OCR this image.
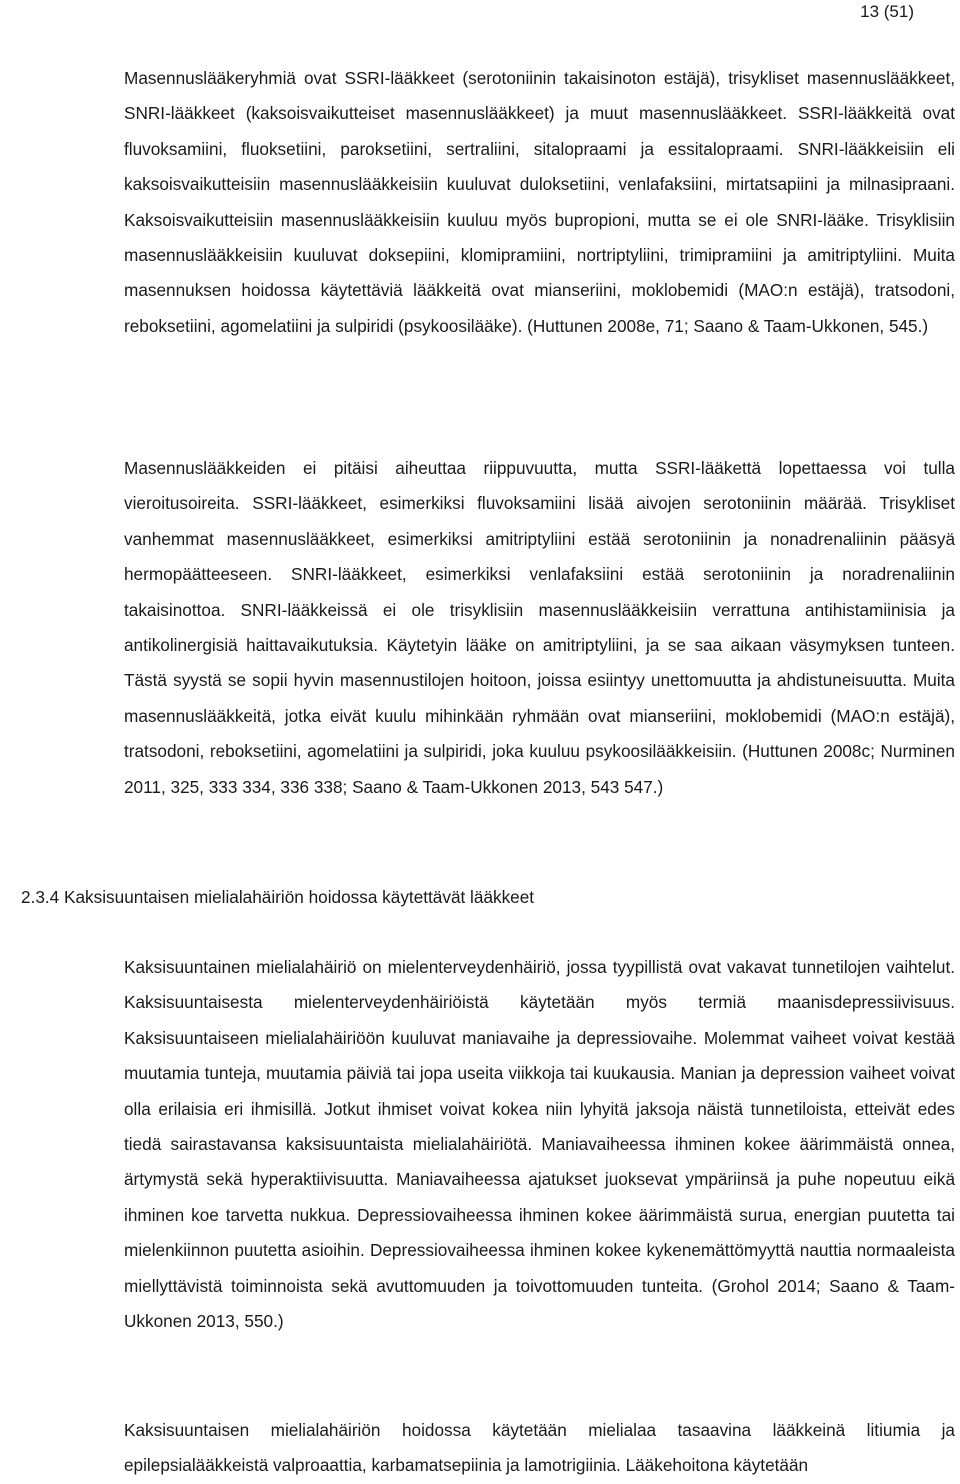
13 (51)

Masennuslääkeryhmiä ovat SSRI-lääkkeet (serotoniinin takaisinoton estäjä), trisykliset masennuslääkkeet, SNRI-lääkkeet (kaksoisvaikutteiset masennuslääkkeet) ja muut masennuslääkkeet. SSRI-lääkkeitä ovat fluvoksamiini, fluoksetiini, paroksetiini, sertraliini, sitalopraami ja essitalopraami. SNRI-lääkkeisiin eli kaksoisvaikutteisiin masennuslääkkeisiin kuuluvat duloksetiini, venlafaksiini, mirtatsapiini ja milnasipraani. Kaksoisvaikutteisiin masennuslääkkeisiin kuuluu myös bupropioni, mutta se ei ole SNRI-lääke. Trisyklisiin masennuslääkkeisiin kuuluvat doksepiini, klomipramiini, nortriptyliini, trimipramiini ja amitriptyliini. Muita masennuksen hoidossa käytettäviä lääkkeitä ovat mianseriini, moklobemidi (MAO:n estäjä), tratsodoni, reboksetiini, agomelatiini ja sulpiridi (psykoosilääke). (Huttunen 2008e, 71; Saano & Taam-Ukkonen, 545.)

Masennuslääkkeiden ei pitäisi aiheuttaa riippuvuutta, mutta SSRI-lääkettä lopettaessa voi tulla vieroitusoireita. SSRI-lääkkeet, esimerkiksi fluvoksamiini lisää aivojen serotoniinin määrää. Trisykliset vanhemmat masennuslääkkeet, esimerkiksi amitriptyliini estää serotoniinin ja nonadrenaliinin pääsyä hermopäätteeseen. SNRI-lääkkeet, esimerkiksi venlafaksiini estää serotoniinin ja noradrenaliinin takaisinottoa. SNRI-lääkkeissä ei ole trisyklisiin masennuslääkkeisiin verrattuna antihistamiinisia ja antikolinergisiä haittavaikutuksia. Käytetyin lääke on amitriptyliini, ja se saa aikaan väsymyksen tunteen. Tästä syystä se sopii hyvin masennustilojen hoitoon, joissa esiintyy unettomuutta ja ahdistuneisuutta. Muita masennuslääkkeitä, jotka eivät kuulu mihinkään ryhmään ovat mianseriini, moklobemidi (MAO:n estäjä), tratsodoni, reboksetiini, agomelatiini ja sulpiridi, joka kuuluu psykoosilääkkeisiin. (Huttunen 2008c; Nurminen 2011, 325, 333 334, 336 338; Saano & Taam-Ukkonen 2013, 543 547.)

2.3.4 Kaksisuuntaisen mielialahäiriön hoidossa käytettävät lääkkeet

Kaksisuuntainen mielialahäiriö on mielenterveydenhäiriö, jossa tyypillistä ovat vakavat tunnetilojen vaihtelut. Kaksisuuntaisesta mielenterveydenhäiriöistä käytetään myös termiä maanisdepressiivisuus. Kaksisuuntaiseen mielialahäiriöön kuuluvat maniavaihe ja depressiovaihe. Molemmat vaiheet voivat kestää muutamia tunteja, muutamia päiviä tai jopa useita viikkoja tai kuukausia. Manian ja depression vaiheet voivat olla erilaisia eri ihmisillä. Jotkut ihmiset voivat kokea niin lyhyitä jaksoja näistä tunnetiloista, etteivät edes tiedä sairastavansa kaksisuuntaista mielialahäiriötä. Maniavaiheessa ihminen kokee äärimmäistä onnea, ärtymystä sekä hyperaktiivisuutta. Maniavaiheessa ajatukset juoksevat ympäriinsä ja puhe nopeutuu eikä ihminen koe tarvetta nukkua. Depressiovaiheessa ihminen kokee äärimmäistä surua, energian puutetta tai mielenkiinnon puutetta asioihin. Depressiovaiheessa ihminen kokee kykenemättömyyttä nauttia normaaleista miellyttävistä toiminnoista sekä avuttomuuden ja toivottomuuden tunteita. (Grohol 2014; Saano & Taam-Ukkonen 2013, 550.)

Kaksisuuntaisen mielialahäiriön hoidossa käytetään mielialaa tasaavina lääkkeinä litiumia ja epilepsialääkkeistä valproaattia, karbamatsepiinia ja lamotrigiinia. Lääkehoitona käytetään
